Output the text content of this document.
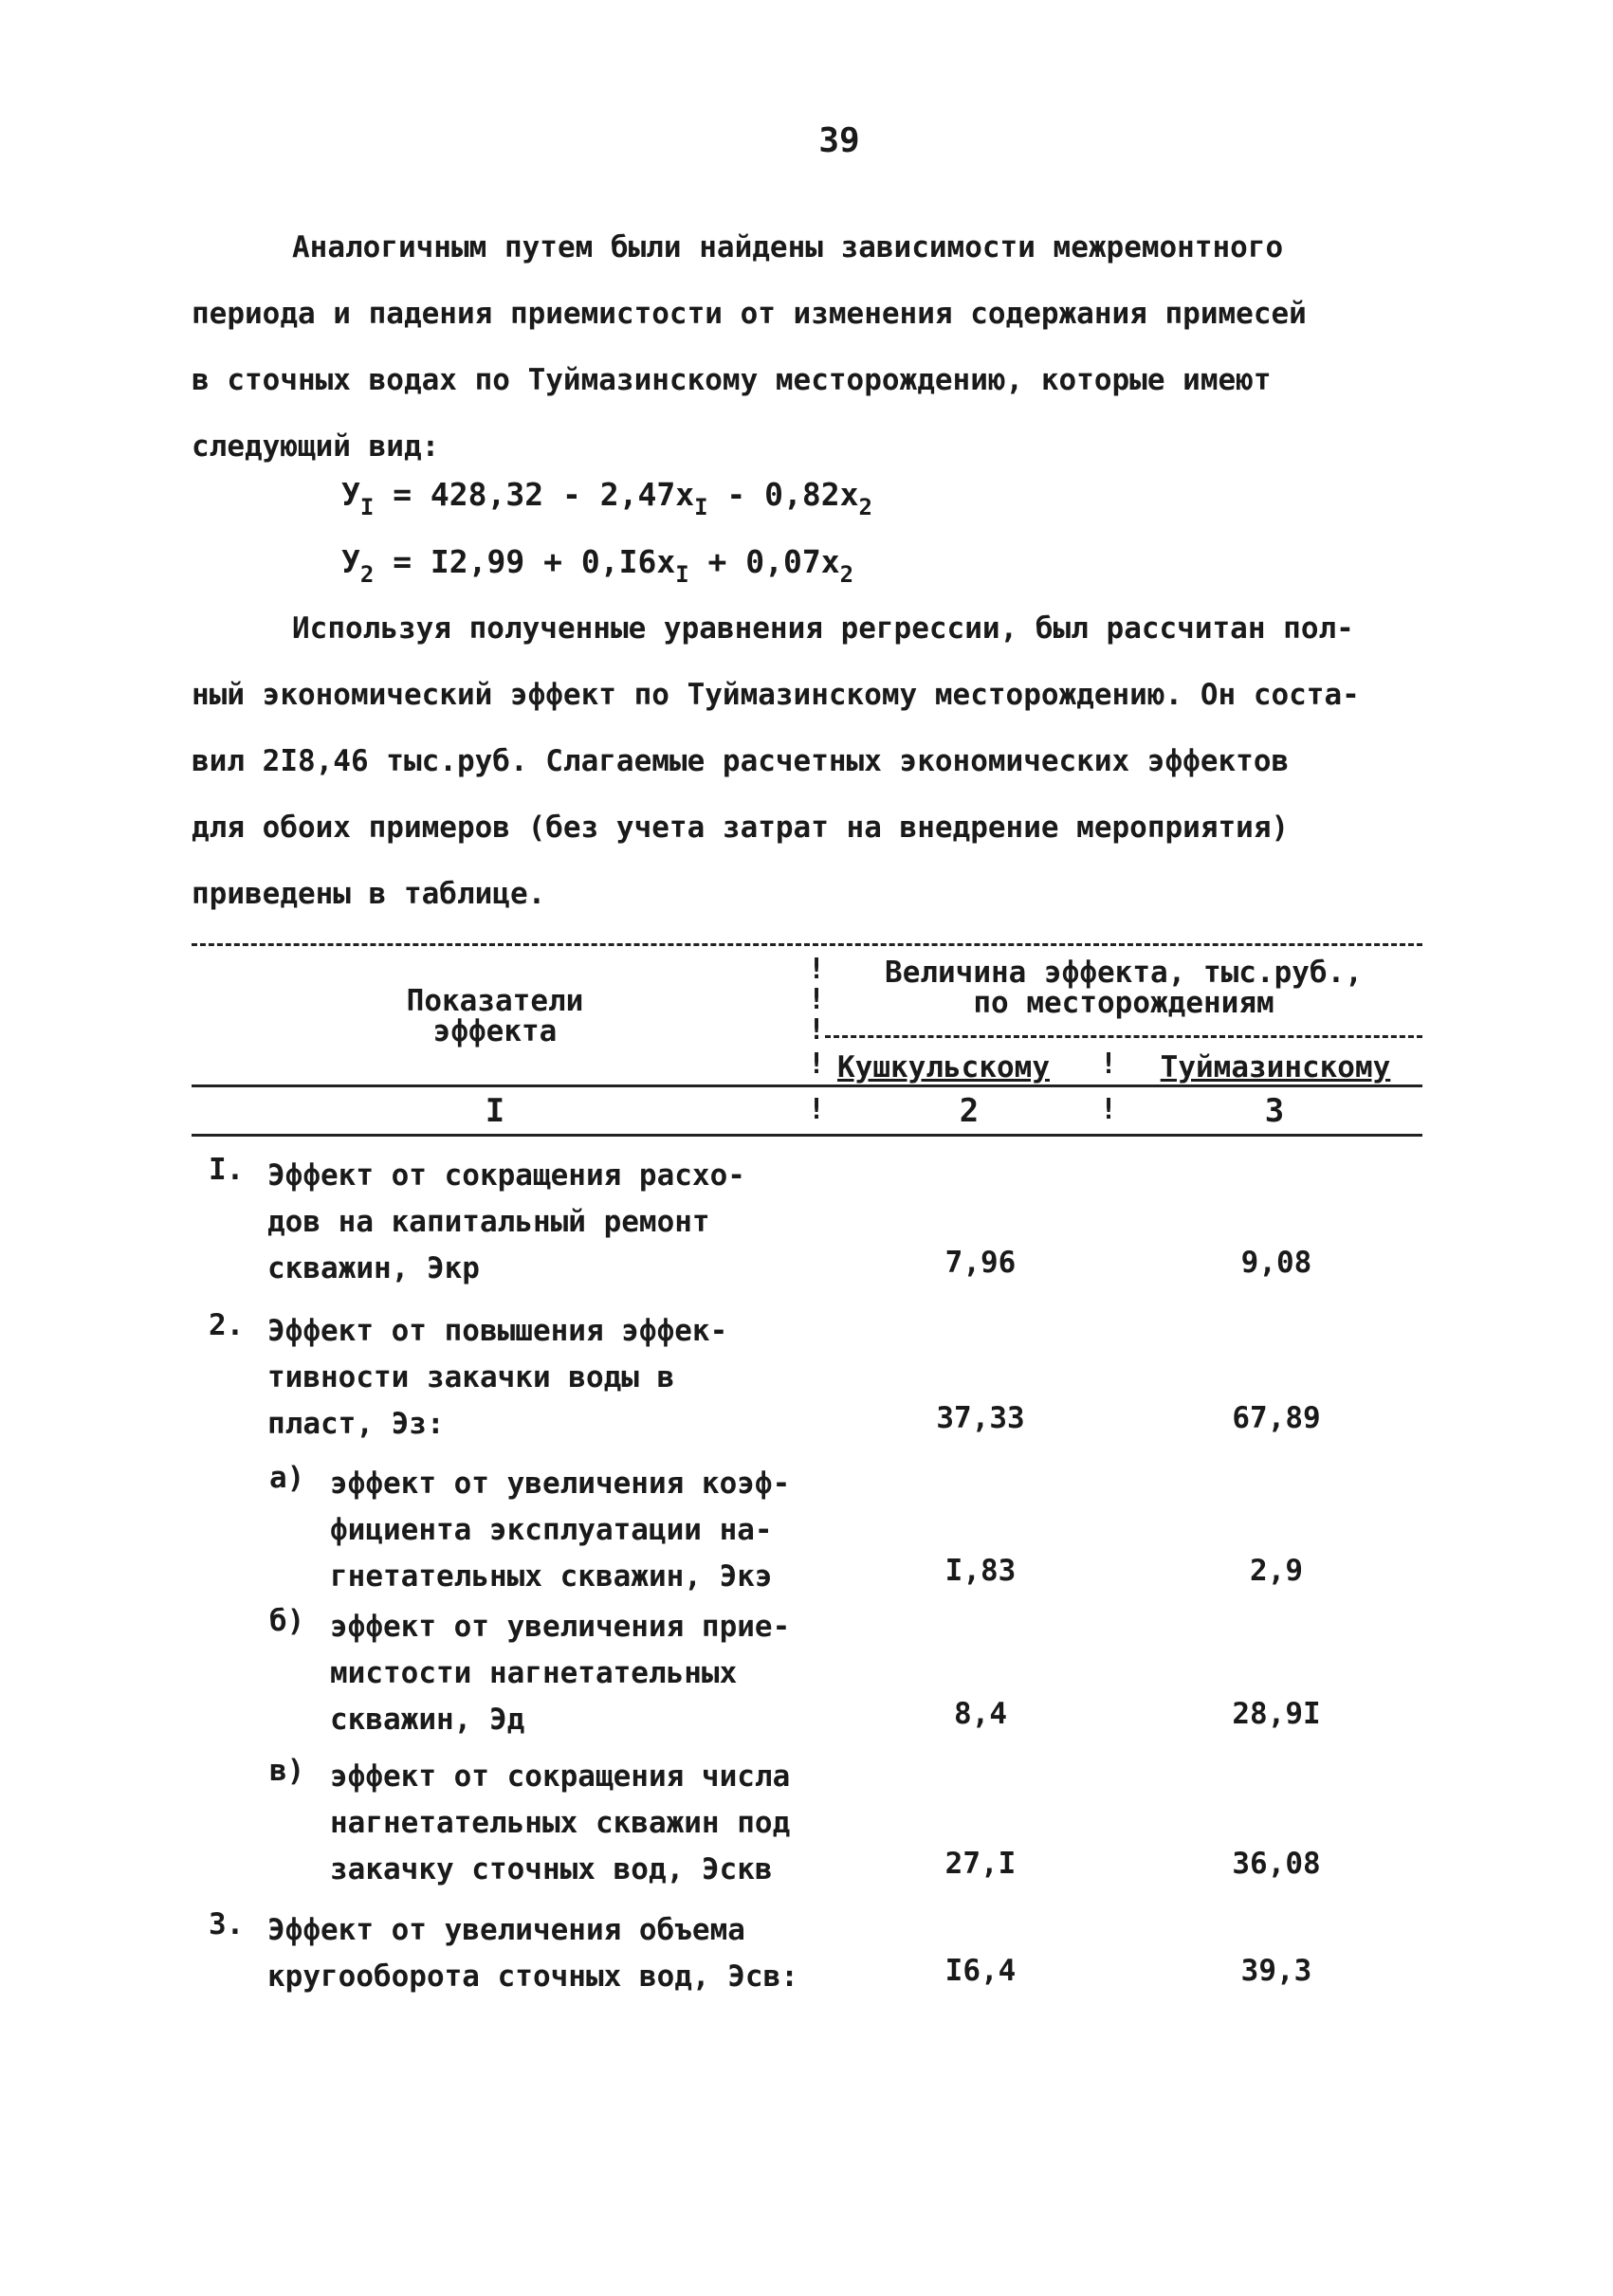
39

Аналогичным путем были найдены зависимости межремонтного
периода и падения приемистости от изменения содержания примесей
в сточных водах по Туймазинскому месторождению, которые имеют
следующий вид:

$У_I = 428,32 - 2,47x_I - 0,82x_2$
$У_2 = I2,99 + 0,I6x_I + 0,07x_2$

Используя полученные уравнения регрессии, был рассчитан пол-
ный экономический эффект по Туймазинскому месторождению. Он соста-
вил 2I8,46 тыс.руб. Слагаемые расчетных экономических эффектов
для обоих примеров (без учета затрат на внедрение мероприятия)
приведены в таблице.

Показатели
эффекта
!
!
!
Величина эффекта, тыс.руб.,
по месторождениям
! Кушкульскому	!	Туймазинскому
I	!	2	!	3
I. Эффект от сокращения расхо-
дов на капитальный ремонт
скважин, Экр	7,96	9,08
2. Эффект от повышения эффек-
тивности закачки воды в
пласт, Эз:	37,33	67,89
а) эффект от увеличения коэф-
фициента эксплуатации на-
гнетательных скважин, Экэ	I,83	2,9
б) эффект от увеличения прие-
мистости нагнетательных
скважин, Эд	8,4	28,9I
в) эффект от сокращения числа
нагнетательных скважин под
закачку сточных вод, Эскв	27,I	36,08
3. Эффект от увеличения объема
кругооборота сточных вод, Эсв:	I6,4	39,3
